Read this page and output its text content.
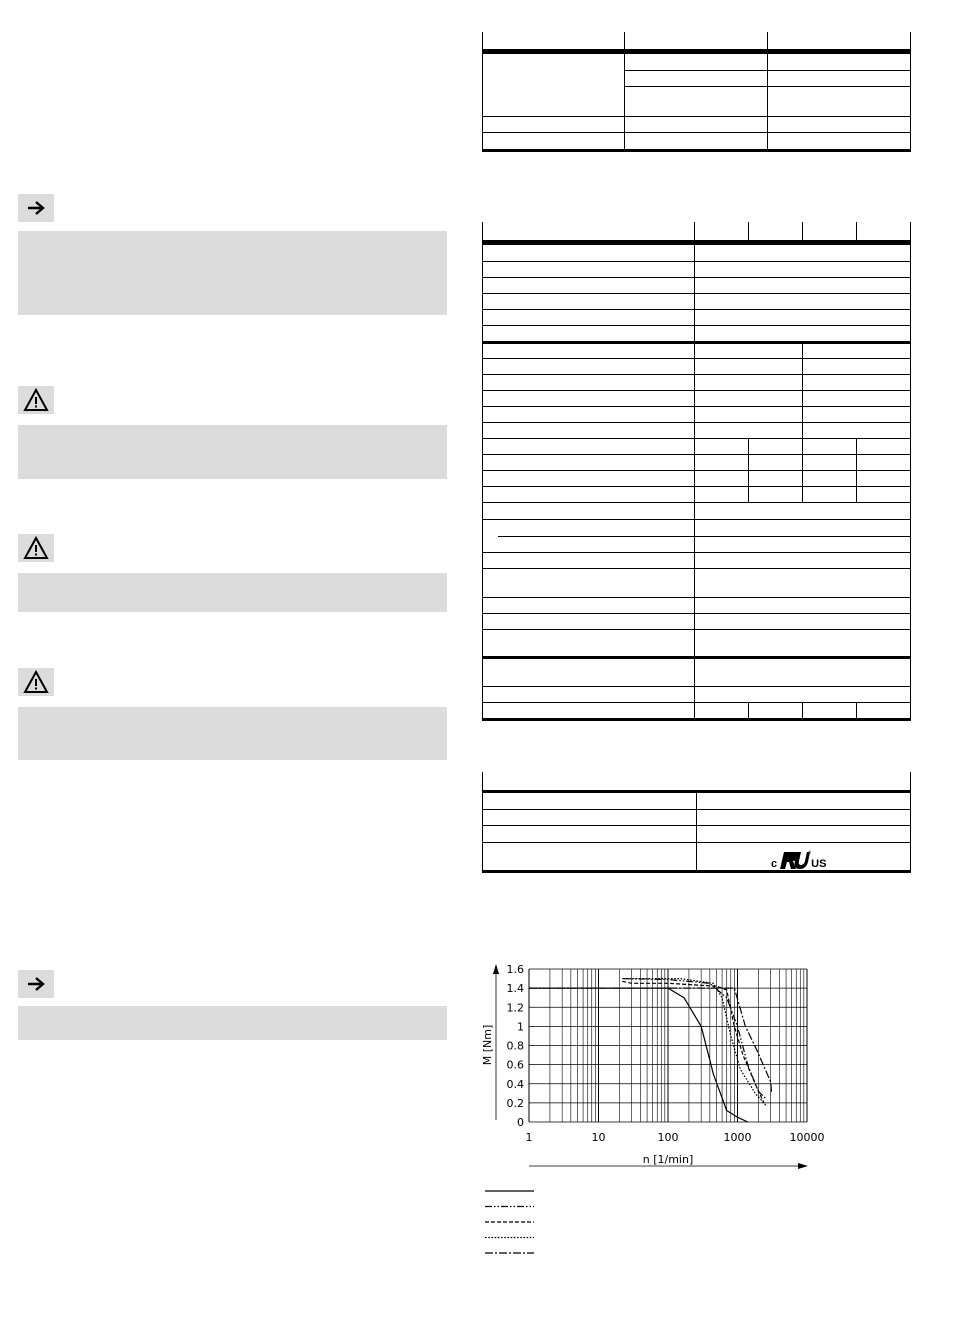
c	US
0
0.2
0.4
0.6
0.8
1
1.2
1.4
1.6
1	10	100	1000	10000
n [1/min]
M [Nm]
